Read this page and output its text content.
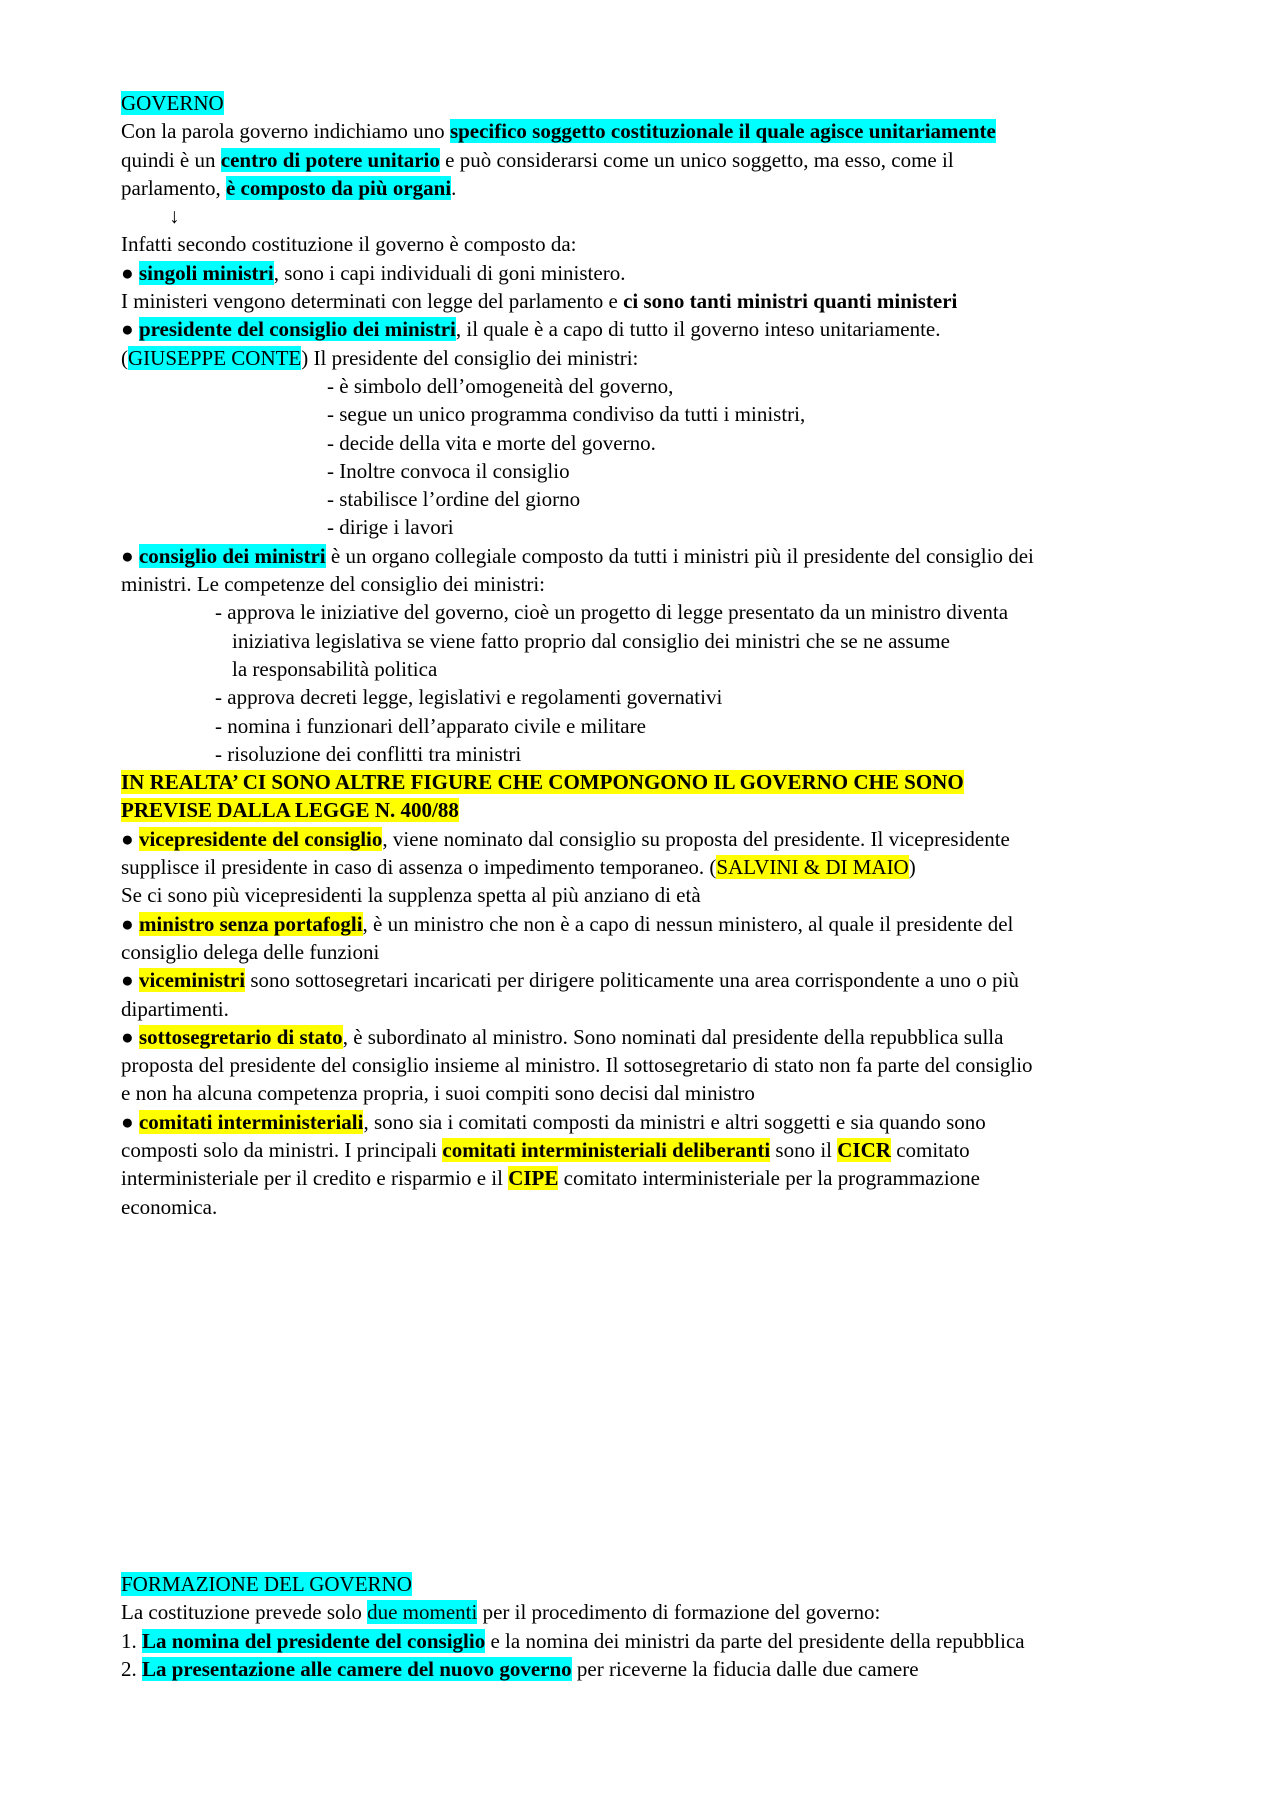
GOVERNO
Con la parola governo indichiamo uno specifico soggetto costituzionale il quale agisce unitariamente
quindi è un centro di potere unitario e può considerarsi come un unico soggetto, ma esso, come il
parlamento, è composto da più organi.
↓
Infatti secondo costituzione il governo è composto da:
● singoli ministri, sono i capi individuali di goni ministero.
I ministeri vengono determinati con legge del parlamento e ci sono tanti ministri quanti ministeri
● presidente del consiglio dei ministri, il quale è a capo di tutto il governo inteso unitariamente.
(GIUSEPPE CONTE) Il presidente del consiglio dei ministri:
- è simbolo dell’omogeneità del governo,
- segue un unico programma condiviso da tutti i ministri,
- decide della vita e morte del governo.
- Inoltre convoca il consiglio
- stabilisce l’ordine del giorno
- dirige i lavori
● consiglio dei ministri è un organo collegiale composto da tutti i ministri più il presidente del consiglio dei
ministri. Le competenze del consiglio dei ministri:
- approva le iniziative del governo, cioè un progetto di legge presentato da un ministro diventa
iniziativa legislativa se viene fatto proprio dal consiglio dei ministri che se ne assume
la responsabilità politica
- approva decreti legge, legislativi e regolamenti governativi
- nomina i funzionari dell’apparato civile e militare
- risoluzione dei conflitti tra ministri
IN REALTA’ CI SONO ALTRE FIGURE CHE COMPONGONO IL GOVERNO CHE SONO
PREVISE DALLA LEGGE N. 400/88
● vicepresidente del consiglio, viene nominato dal consiglio su proposta del presidente. Il vicepresidente
supplisce il presidente in caso di assenza o impedimento temporaneo. (SALVINI & DI MAIO)
Se ci sono più vicepresidenti la supplenza spetta al più anziano di età
● ministro senza portafogli, è un ministro che non è a capo di nessun ministero, al quale il presidente del
consiglio delega delle funzioni
● viceministri sono sottosegretari incaricati per dirigere politicamente una area corrispondente a uno o più
dipartimenti.
● sottosegretario di stato, è subordinato al ministro. Sono nominati dal presidente della repubblica sulla
proposta del presidente del consiglio insieme al ministro. Il sottosegretario di stato non fa parte del consiglio
e non ha alcuna competenza propria, i suoi compiti sono decisi dal ministro
● comitati interministeriali, sono sia i comitati composti da ministri e altri soggetti e sia quando sono
composti solo da ministri. I principali comitati interministeriali deliberanti sono il CICR comitato
interministeriale per il credito e risparmio e il CIPE comitato interministeriale per la programmazione
economica.
FORMAZIONE DEL GOVERNO
La costituzione prevede solo due momenti per il procedimento di formazione del governo:
1. La nomina del presidente del consiglio e la nomina dei ministri da parte del presidente della repubblica
2. La presentazione alle camere del nuovo governo per riceverne la fiducia dalle due camere
